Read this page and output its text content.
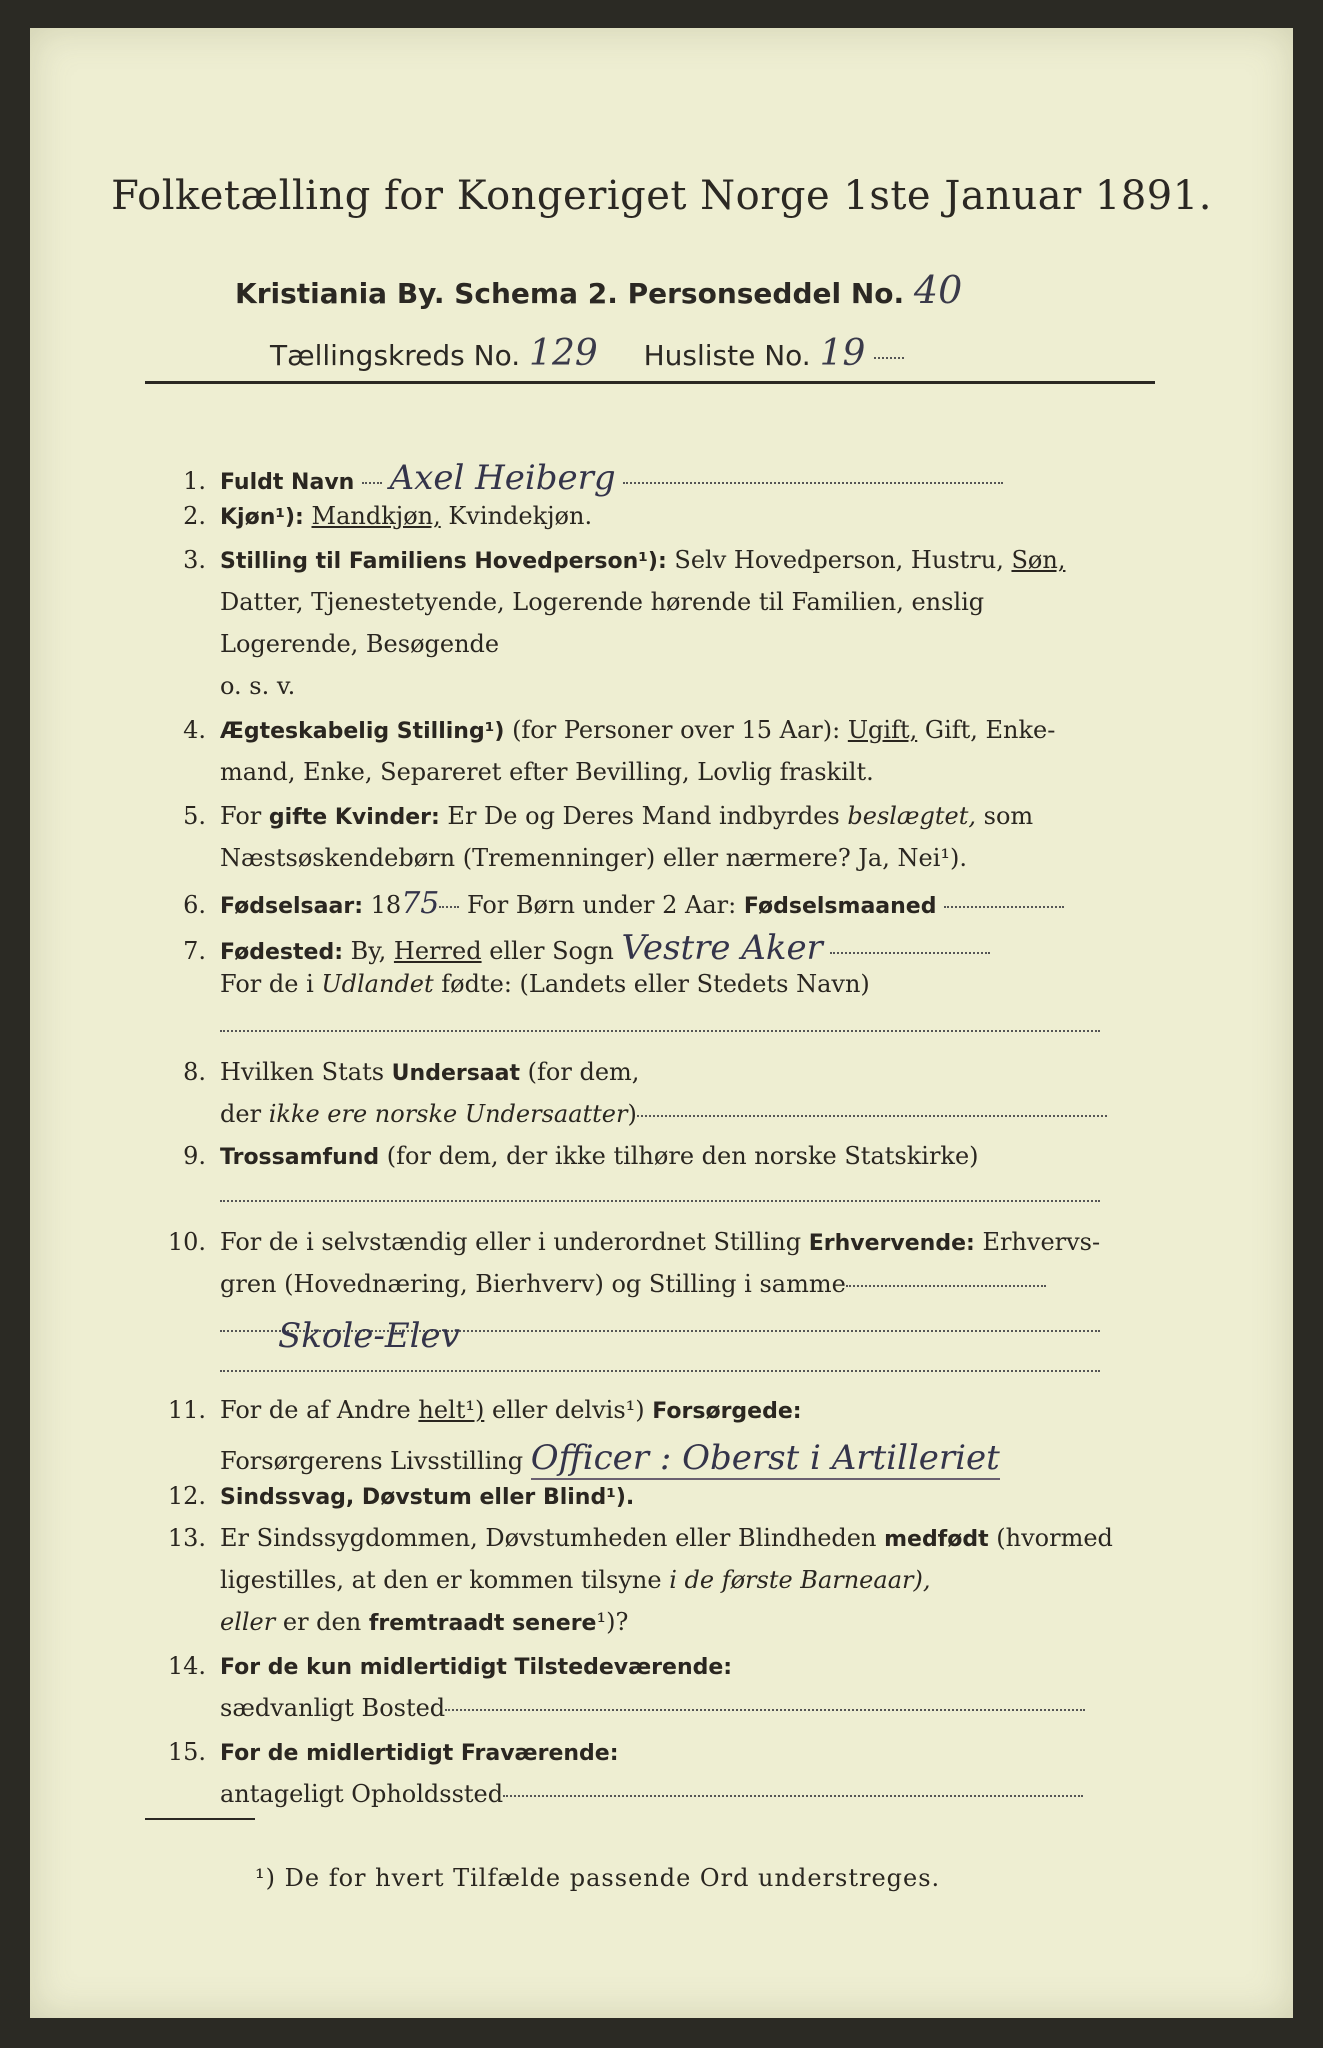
Folketælling for Kongeriget Norge 1ste Januar 1891.
Kristiania By. Schema 2. Personseddel No. 40
Tællingskreds No. 129 Husliste No. 19
1. Fuldt Navn Axel Heiberg
2. Kjøn¹): Mandkjøn, Kvindekjøn.
3. Stilling til Familiens Hovedperson¹): Selv Hovedperson, Hustru, Søn,
Datter, Tjenestetyende, Logerende hørende til Familien, enslig
Logerende, Besøgende
o. s. v.
4. Ægteskabelig Stilling¹) (for Personer over 15 Aar): Ugift, Gift, Enke-
mand, Enke, Separeret efter Bevilling, Lovlig fraskilt.
5. For gifte Kvinder: Er De og Deres Mand indbyrdes beslægtet, som
Næstsøskendebørn (Tremenninger) eller nærmere? Ja, Nei¹).
6. Fødselsaar: 1875 For Børn under 2 Aar: Fødselsmaaned
7. Fødested: By, Herred eller Sogn Vestre Aker
For de i Udlandet fødte: (Landets eller Stedets Navn)
8. Hvilken Stats Undersaat (for dem,
der ikke ere norske Undersaatter)
9. Trossamfund (for dem, der ikke tilhøre den norske Statskirke)
10. For de i selvstændig eller i underordnet Stilling Erhvervende: Erhvervs-
gren (Hovednæring, Bierhverv) og Stilling i samme
Skole-Elev
11. For de af Andre helt¹) eller delvis¹) Forsørgede:
Forsørgerens Livsstilling Officer : Oberst i Artilleriet
12. Sindssvag, Døvstum eller Blind¹).
13. Er Sindssygdommen, Døvstumheden eller Blindheden medfødt (hvormed
ligestilles, at den er kommen tilsyne i de første Barneaar),
eller er den fremtraadt senere¹)?
14. For de kun midlertidigt Tilstedeværende:
sædvanligt Bosted
15. For de midlertidigt Fraværende:
antageligt Opholdssted
¹) De for hvert Tilfælde passende Ord understreges.
